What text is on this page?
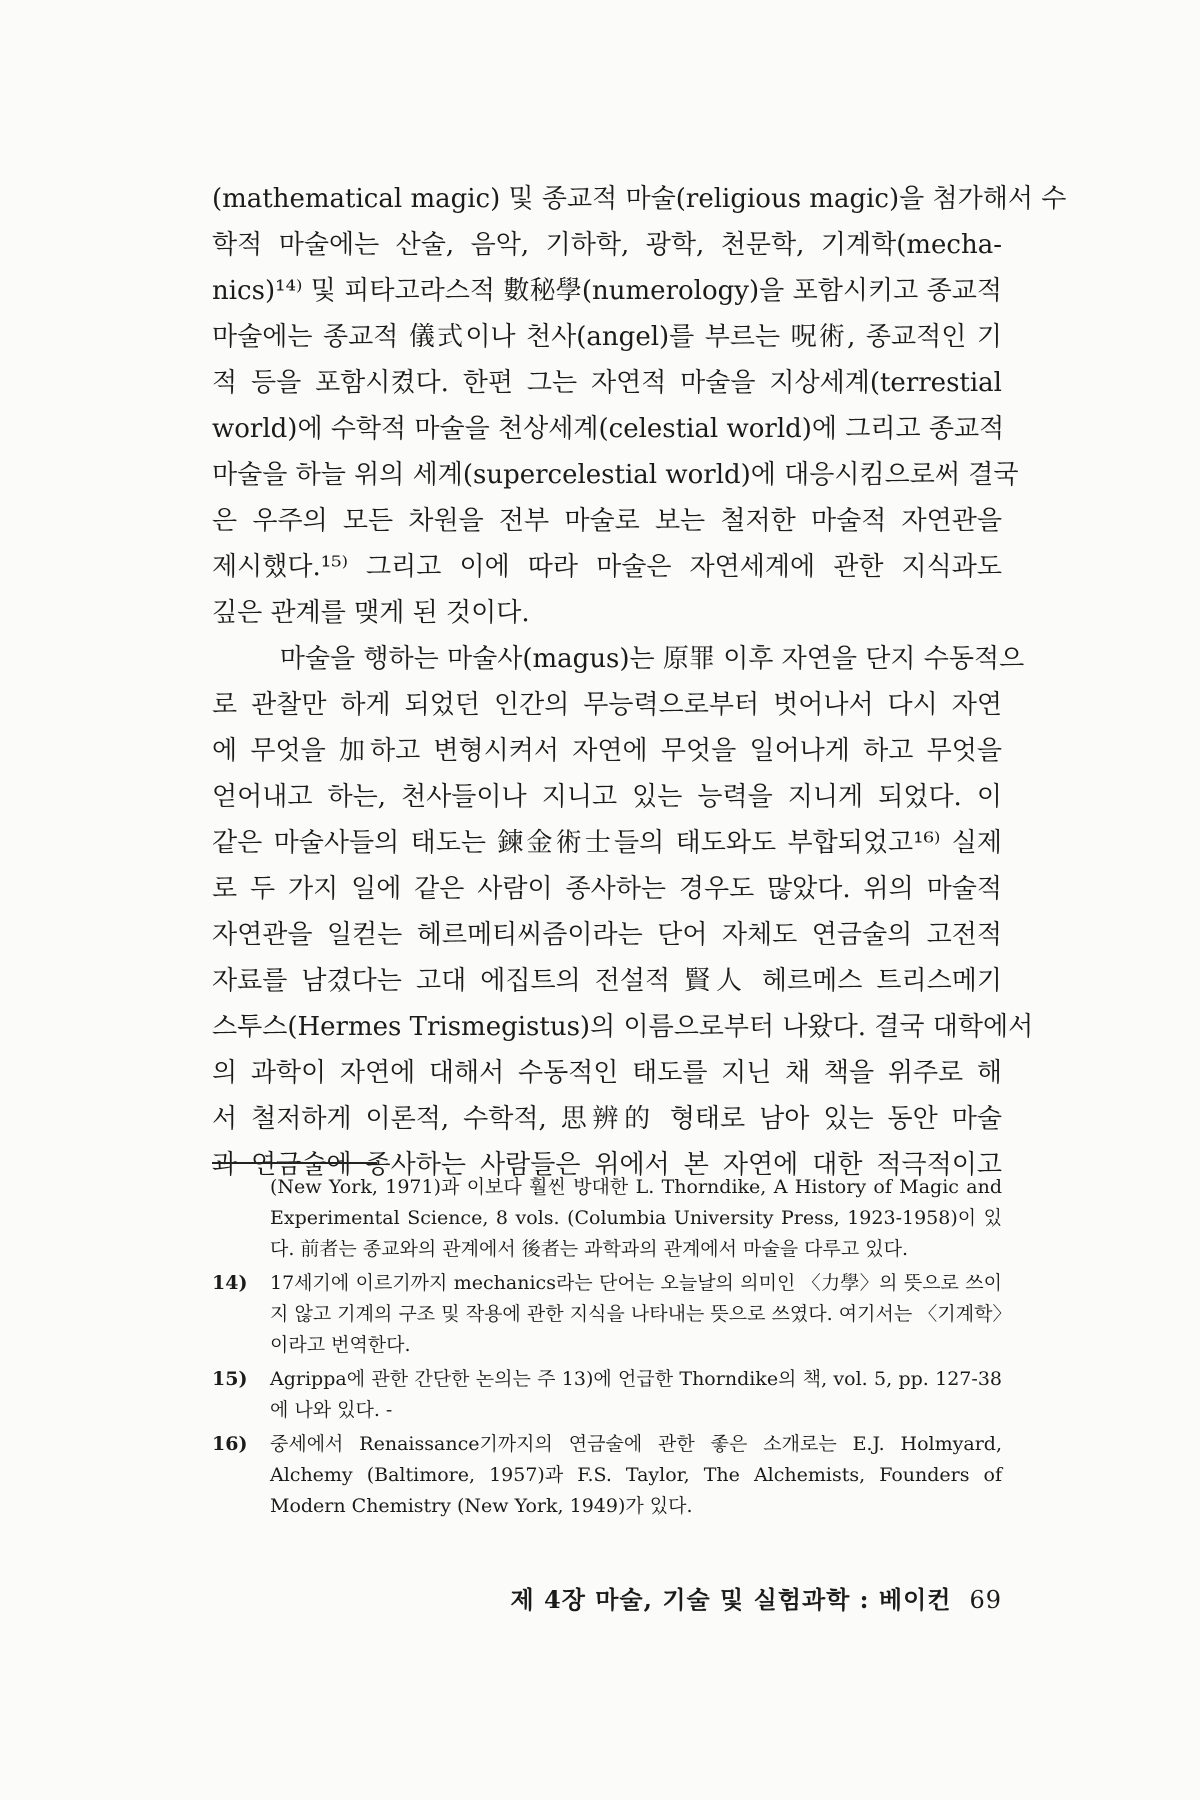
(mathematical magic) 및 종교적 마술(religious magic)을 첨가해서 수
학적 마술에는 산술, 음악, 기하학, 광학, 천문학, 기계학(mecha-
nics)¹⁴⁾ 및 피타고라스적 數秘學(numerology)을 포함시키고 종교적
마술에는 종교적 儀式이나 천사(angel)를 부르는 呪術, 종교적인 기
적 등을 포함시켰다. 한편 그는 자연적 마술을 지상세계(terrestial
world)에 수학적 마술을 천상세계(celestial world)에 그리고 종교적
마술을 하늘 위의 세계(supercelestial world)에 대응시킴으로써 결국
은 우주의 모든 차원을 전부 마술로 보는 철저한 마술적 자연관을
제시했다.¹⁵⁾ 그리고 이에 따라 마술은 자연세계에 관한 지식과도
깊은 관계를 맺게 된 것이다.

마술을 행하는 마술사(magus)는 原罪 이후 자연을 단지 수동적으
로 관찰만 하게 되었던 인간의 무능력으로부터 벗어나서 다시 자연
에 무엇을 加하고 변형시켜서 자연에 무엇을 일어나게 하고 무엇을
얻어내고 하는, 천사들이나 지니고 있는 능력을 지니게 되었다. 이
같은 마술사들의 태도는 鍊金術士들의 태도와도 부합되었고¹⁶⁾ 실제
로 두 가지 일에 같은 사람이 종사하는 경우도 많았다. 위의 마술적
자연관을 일컫는 헤르메티씨즘이라는 단어 자체도 연금술의 고전적
자료를 남겼다는 고대 에집트의 전설적 賢人 헤르메스 트리스메기
스투스(Hermes Trismegistus)의 이름으로부터 나왔다. 결국 대학에서
의 과학이 자연에 대해서 수동적인 태도를 지닌 채 책을 위주로 해
서 철저하게 이론적, 수학적, 思辨的 형태로 남아 있는 동안 마술
과 연금술에 종사하는 사람들은 위에서 본 자연에 대한 적극적이고

(New York, 1971)과 이보다 훨씬 방대한 L. Thorndike, A History of Magic and Experimental Science, 8 vols. (Columbia University Press, 1923-1958)이 있다. 前者는 종교와의 관계에서 後者는 과학과의 관계에서 마술을 다루고 있다.
14) 17세기에 이르기까지 mechanics라는 단어는 오늘날의 의미인 〈力學〉의 뜻으로 쓰이지 않고 기계의 구조 및 작용에 관한 지식을 나타내는 뜻으로 쓰였다. 여기서는 〈기계학〉이라고 번역한다.
15) Agrippa에 관한 간단한 논의는 주 13)에 언급한 Thorndike의 책, vol. 5, pp. 127-38에 나와 있다. -
16) 중세에서 Renaissance기까지의 연금술에 관한 좋은 소개로는 E.J. Holmyard, Alchemy (Baltimore, 1957)과 F.S. Taylor, The Alchemists, Founders of Modern Chemistry (New York, 1949)가 있다.
제 4장 마술, 기술 및 실험과학 : 베이컨 69
